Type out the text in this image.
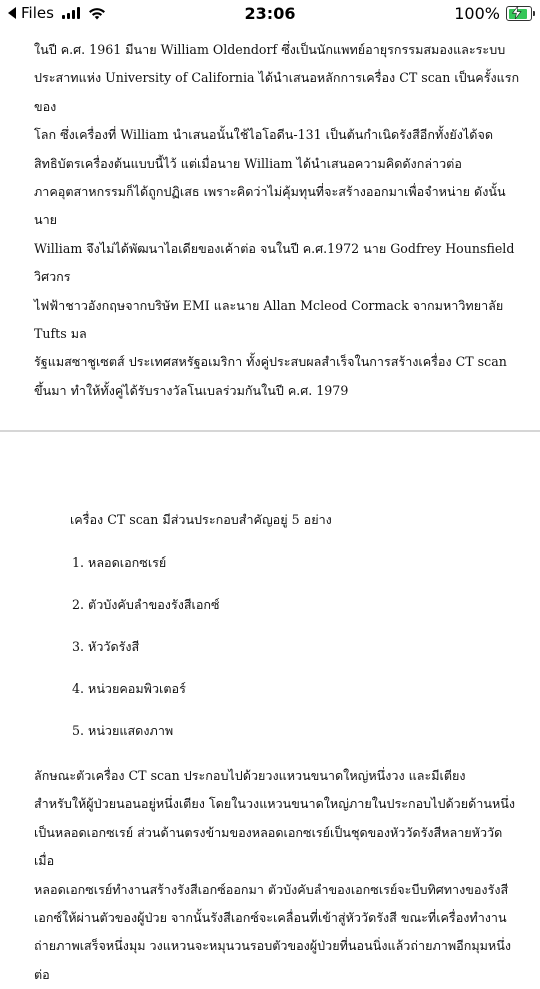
Files	23:06	100%

ในปี ค.ศ. 1961 มีนาย William Oldendorf ซึ่งเป็นนักแพทย์อายุรกรรมสมองและระบบ
ประสาทแห่ง University of California ได้นำเสนอหลักการเครื่อง CT scan เป็นครั้งแรกของ
โลก ซึ่งเครื่องที่ William นำเสนอนั้นใช้ไอโอดีน-131 เป็นต้นกำเนิดรังสีอีกทั้งยังได้จด
สิทธิบัตรเครื่องต้นแบบนี้ไว้ แต่เมื่อนาย William ได้นำเสนอความคิดดังกล่าวต่อ
ภาคอุตสาหกรรมก็ได้ถูกปฏิเสธ เพราะคิดว่าไม่คุ้มทุนที่จะสร้างออกมาเพื่อจำหน่าย ดังนั้นนาย
William จึงไม่ได้พัฒนาไอเดียของเค้าต่อ จนในปี ค.ศ.1972 นาย Godfrey Hounsfield วิศวกร
ไฟฟ้าชาวอังกฤษจากบริษัท EMI และนาย Allan Mcleod Cormack จากมหาวิทยาลัย Tufts มล
รัฐแมสซาชูเซตส์ ประเทศสหรัฐอเมริกา ทั้งคู่ประสบผลสำเร็จในการสร้างเครื่อง CT scan
ขึ้นมา ทำให้ทั้งคู่ได้รับรางวัลโนเบลร่วมกันในปี ค.ศ. 1979

เครื่อง CT scan มีส่วนประกอบสำคัญอยู่ 5 อย่าง

1. หลอดเอกซเรย์
2. ตัวบังคับลำของรังสีเอกซ์
3. หัววัดรังสี
4. หน่วยคอมพิวเตอร์
5. หน่วยแสดงภาพ

ลักษณะตัวเครื่อง CT scan ประกอบไปด้วยวงแหวนขนาดใหญ่หนึ่งวง และมีเตียง
สำหรับให้ผู้ป่วยนอนอยู่หนึ่งเตียง โดยในวงแหวนขนาดใหญ่ภายในประกอบไปด้วยด้านหนึ่ง
เป็นหลอดเอกซเรย์ ส่วนด้านตรงข้ามของหลอดเอกซเรย์เป็นชุดของหัววัดรังสีหลายหัววัด เมื่อ
หลอดเอกซเรย์ทำงานสร้างรังสีเอกซ์ออกมา ตัวบังคับลำของเอกซเรย์จะบีบทิศทางของรังสี
เอกซ์ให้ผ่านตัวของผู้ป่วย จากนั้นรังสีเอกซ์จะเคลื่อนที่เข้าสู่หัววัดรังสี ขณะที่เครื่องทำงาน
ถ่ายภาพเสร็จหนึ่งมุม วงแหวนจะหมุนวนรอบตัวของผู้ป่วยที่นอนนิ่งแล้วถ่ายภาพอีกมุมหนึ่งต่อ
